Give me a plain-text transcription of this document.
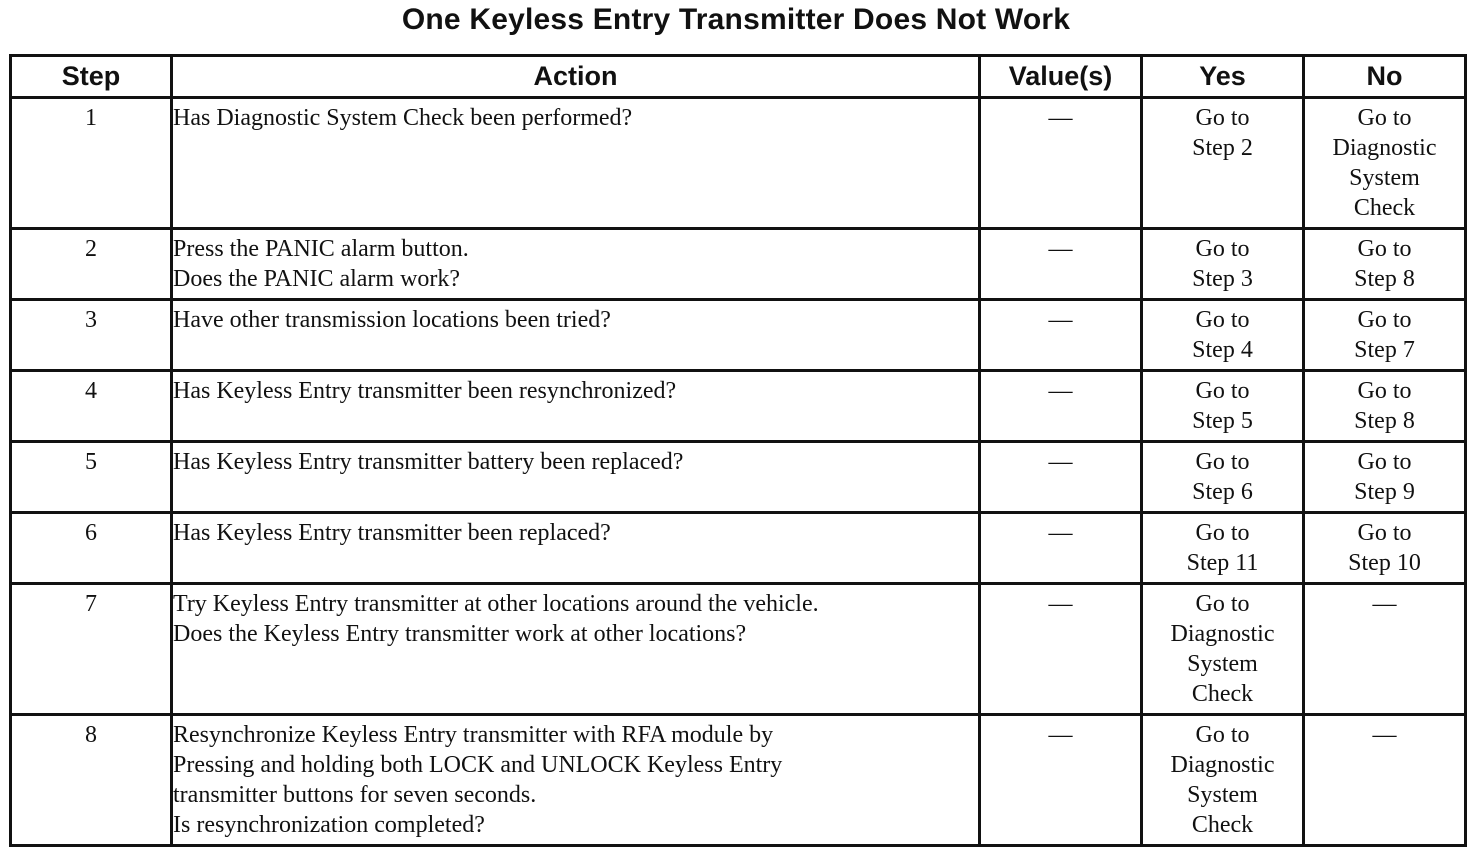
One Keyless Entry Transmitter Does Not Work
Step	Action	Value(s)	Yes	No
1	Has Diagnostic System Check been performed?	—	Go to
Step 2	Go to
Diagnostic
System
Check

2	Press the PANIC alarm button.
Does the PANIC alarm work?	—	Go to
Step 3	Go to
Step 8

3	Have other transmission locations been tried?	—	Go to
Step 4	Go to
Step 7

4	Has Keyless Entry transmitter been resynchronized?	—	Go to
Step 5	Go to
Step 8

5	Has Keyless Entry transmitter battery been replaced?	—	Go to
Step 6	Go to
Step 9

6	Has Keyless Entry transmitter been replaced?	—	Go to
Step 11	Go to
Step 10

7	Try Keyless Entry transmitter at other locations around the vehicle.
Does the Keyless Entry transmitter work at other locations?	—	Go to
Diagnostic
System
Check	—

8	Resynchronize Keyless Entry transmitter with RFA module by
Pressing and holding both LOCK and UNLOCK Keyless Entry
transmitter buttons for seven seconds.
Is resynchronization completed?	—	Go to
Diagnostic
System
Check	—
